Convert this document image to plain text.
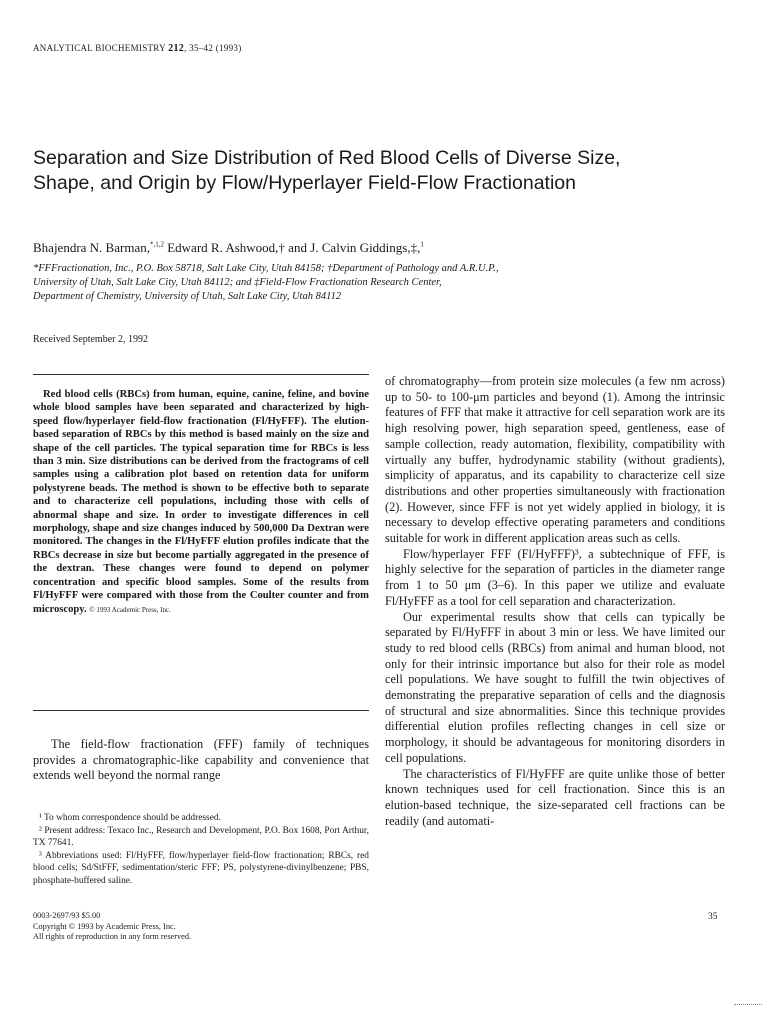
ANALYTICAL BIOCHEMISTRY 212, 35–42 (1993)
Separation and Size Distribution of Red Blood Cells of Diverse Size, Shape, and Origin by Flow/Hyperlayer Field-Flow Fractionation
Bhajendra N. Barman,$^{*,1,2}$ Edward R. Ashwood,† and J. Calvin Giddings,‡,$^1$
*FFFractionation, Inc., P.O. Box 58718, Salt Lake City, Utah 84158; †Department of Pathology and A.R.U.P.,
University of Utah, Salt Lake City, Utah 84112; and ‡Field-Flow Fractionation Research Center,
Department of Chemistry, University of Utah, Salt Lake City, Utah 84112
Received September 2, 1992

Red blood cells (RBCs) from human, equine, canine, feline, and bovine whole blood samples have been separated and characterized by high-speed flow/hyperlayer field-flow fractionation (Fl/HyFFF). The elution-based separation of RBCs by this method is based mainly on the size and shape of the cell particles. The typical separation time for RBCs is less than 3 min. Size distributions can be derived from the fractograms of cell samples using a calibration plot based on retention data for uniform polystyrene beads. The method is shown to be effective both to separate and to characterize cell populations, including those with cells of abnormal shape and size. In order to investigate differences in cell morphology, shape and size changes induced by 500,000 Da Dextran were monitored. The changes in the Fl/HyFFF elution profiles indicate that the RBCs decrease in size but become partially aggregated in the presence of the dextran. These changes were found to depend on polymer concentration and specific blood samples. Some of the results from Fl/HyFFF were compared with those from the Coulter counter and from microscopy. © 1993 Academic Press, Inc.

The field-flow fractionation (FFF) family of techniques provides a chromatographic-like capability and convenience that extends well beyond the normal range

¹ To whom correspondence should be addressed.

² Present address: Texaco Inc., Research and Development, P.O. Box 1608, Port Arthur, TX 77641.

³ Abbreviations used: Fl/HyFFF, flow/hyperlayer field-flow fractionation; RBCs, red blood cells; Sd/StFFF, sedimentation/steric FFF; PS, polystyrene-divinylbenzene; PBS, phosphate-buffered saline.

0003-2697/93 $5.00
Copyright © 1993 by Academic Press, Inc.
All rights of reproduction in any form reserved.

of chromatography—from protein size molecules (a few nm across) up to 50- to 100-μm particles and beyond (1). Among the intrinsic features of FFF that make it attractive for cell separation work are its high resolving power, high separation speed, gentleness, ease of sample collection, ready automation, flexibility, compatibility with virtually any buffer, hydrodynamic stability (without gradients), simplicity of apparatus, and its capability to characterize cell size distributions and other properties simultaneously with fractionation (2). However, since FFF is not yet widely applied in biology, it is necessary to develop effective operating parameters and conditions suitable for work in different application areas such as cells.

Flow/hyperlayer FFF (Fl/HyFFF)³, a subtechnique of FFF, is highly selective for the separation of particles in the diameter range from 1 to 50 μm (3–6). In this paper we utilize and evaluate Fl/HyFFF as a tool for cell separation and characterization.

Our experimental results show that cells can typically be separated by Fl/HyFFF in about 3 min or less. We have limited our study to red blood cells (RBCs) from animal and human blood, not only for their intrinsic importance but also for their role as model cell populations. We have sought to fulfill the twin objectives of demonstrating the preparative separation of cells and the diagnosis of structural and size abnormalities. Since this technique provides differential elution profiles reflecting changes in cell size or morphology, it should be advantageous for monitoring disorders in cell populations.

The characteristics of Fl/HyFFF are quite unlike those of better known techniques used for cell fractionation. Since this is an elution-based technique, the size-separated cell fractions can be readily (and automati-

35
